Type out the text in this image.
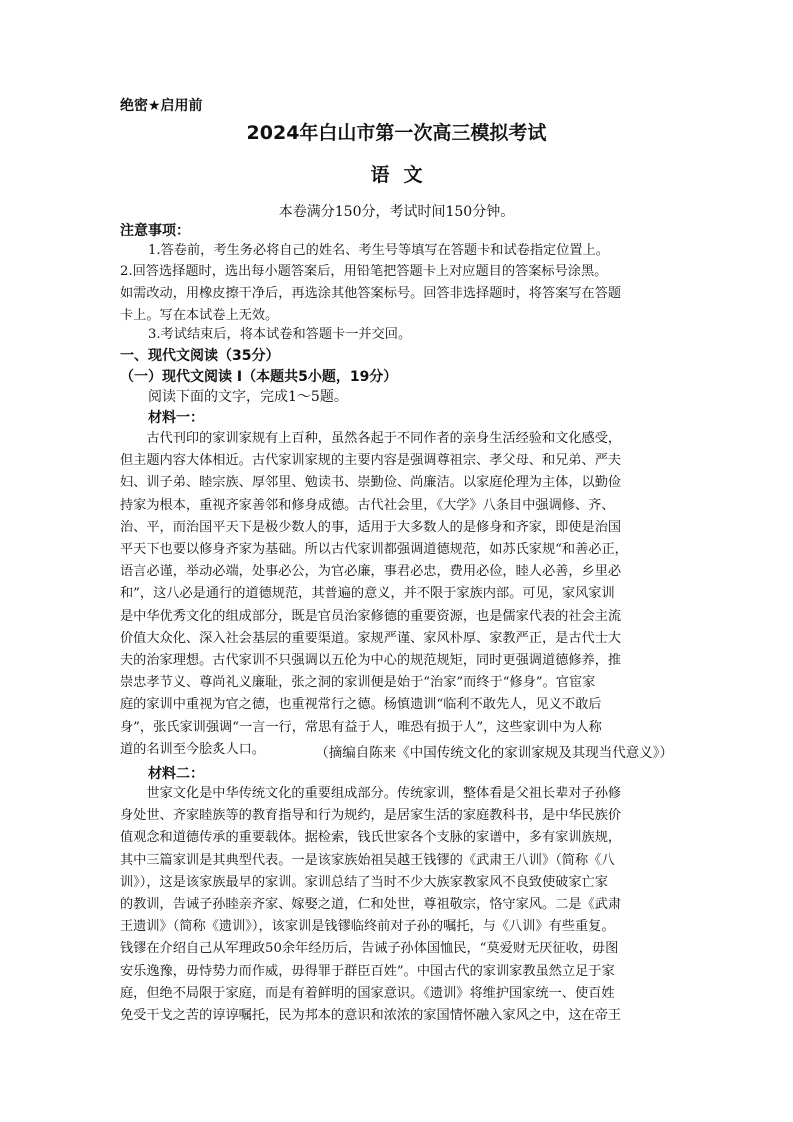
绝密★启用前
2024年白山市第一次高三模拟考试
语文
本卷满分150分，考试时间150分钟。
注意事项：
1.答卷前，考生务必将自己的姓名、考生号等填写在答题卡和试卷指定位置上。
2.回答选择题时，选出每小题答案后，用铅笔把答题卡上对应题目的答案标号涂黑。
如需改动，用橡皮擦干净后，再选涂其他答案标号。回答非选择题时，将答案写在答题
卡上。写在本试卷上无效。
3.考试结束后，将本试卷和答题卡一并交回。
一、现代文阅读（35分）
（一）现代文阅读 I（本题共5小题，19分）
阅读下面的文字，完成1～5题。
材料一：
　　古代刊印的家训家规有上百种，虽然各起于不同作者的亲身生活经验和文化感受，
但主题内容大体相近。古代家训家规的主要内容是强调尊祖宗、孝父母、和兄弟、严夫
妇、训子弟、睦宗族、厚邻里、勉读书、崇勤俭、尚廉洁。以家庭伦理为主体，以勤俭
持家为根本，重视齐家善邻和修身成德。古代社会里，《大学》八条目中强调修、齐、
治、平，而治国平天下是极少数人的事，适用于大多数人的是修身和齐家，即使是治国
平天下也要以修身齐家为基础。所以古代家训都强调道德规范，如苏氏家规“和善必正，
语言必谨，举动必端，处事必公，为官必廉，事君必忠，费用必俭，睦人必善，乡里必
和”，这八必是通行的道德规范，其普遍的意义，并不限于家族内部。可见，家风家训
是中华优秀文化的组成部分，既是官员治家修德的重要资源，也是儒家代表的社会主流
价值大众化、深入社会基层的重要渠道。家规严谨、家风朴厚、家教严正，是古代士大
夫的治家理想。古代家训不只强调以五伦为中心的规范规矩，同时更强调道德修养，推
崇忠孝节义、尊尚礼义廉耻，张之洞的家训便是始于“治家”而终于“修身”。官宦家
庭的家训中重视为官之德，也重视常行之德。杨慎遗训“临利不敢先人，见义不敢后
身”，张氏家训强调“一言一行，常思有益于人，唯恐有损于人”，这些家训中为人称
道的名训至今脍炙人口。	（摘编自陈来《中国传统文化的家训家规及其现当代意义》）
材料二：
　　世家文化是中华传统文化的重要组成部分。传统家训，整体看是父祖长辈对子孙修
身处世、齐家睦族等的教育指导和行为规约，是居家生活的家庭教科书，是中华民族价
值观念和道德传承的重要载体。据检索，钱氏世家各个支脉的家谱中，多有家训族规，
其中三篇家训是其典型代表。一是该家族始祖吴越王钱镠的《武肃王八训》（简称《八
训》），这是该家族最早的家训。家训总结了当时不少大族家教家风不良致使破家亡家
的教训，告诫子孙睦亲齐家、嫁娶之道，仁和处世，尊祖敬宗，恪守家风。二是《武肃
王遗训》（简称《遗训》），该家训是钱镠临终前对子孙的嘱托，与《八训》有些重复。
钱镠在介绍自己从军理政50余年经历后，告诫子孙体国恤民，“莫爱财无厌征收，毋图
安乐逸豫，毋恃势力而作威，毋得罪于群臣百姓”。中国古代的家训家教虽然立足于家
庭，但绝不局限于家庭，而是有着鲜明的国家意识。《遗训》将维护国家统一、使百姓
免受干戈之苦的谆谆嘱托，民为邦本的意识和浓浓的家国情怀融入家风之中，这在帝王
